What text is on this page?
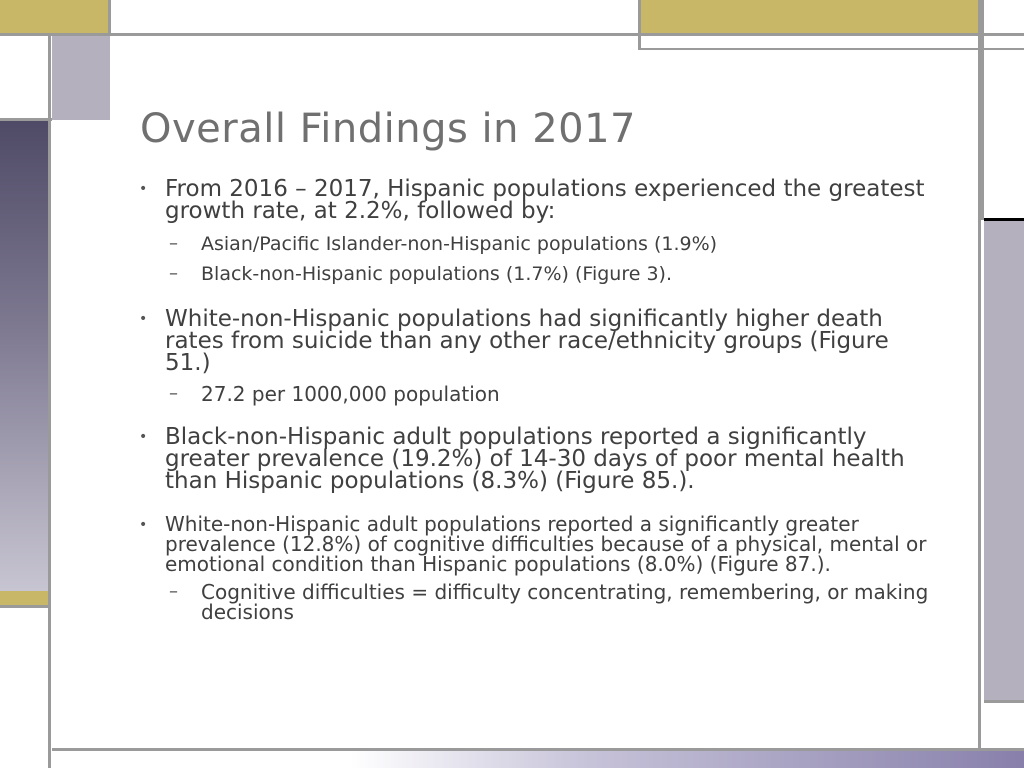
Overall Findings in 2017
• From 2016 – 2017, Hispanic populations experienced the greatest growth rate, at 2.2%, followed by:
– Asian/Pacific Islander-non-Hispanic populations (1.9%)
– Black-non-Hispanic populations (1.7%) (Figure 3).
• White-non-Hispanic populations had significantly higher death rates from suicide than any other race/ethnicity groups (Figure 51.)
– 27.2 per 1000,000 population
• Black-non-Hispanic adult populations reported a significantly greater prevalence (19.2%) of 14-30 days of poor mental health than Hispanic populations (8.3%) (Figure 85.).
• White-non-Hispanic adult populations reported a significantly greater prevalence (12.8%) of cognitive difficulties because of a physical, mental or emotional condition than Hispanic populations (8.0%) (Figure 87.).
– Cognitive difficulties = difficulty concentrating, remembering, or making decisions
